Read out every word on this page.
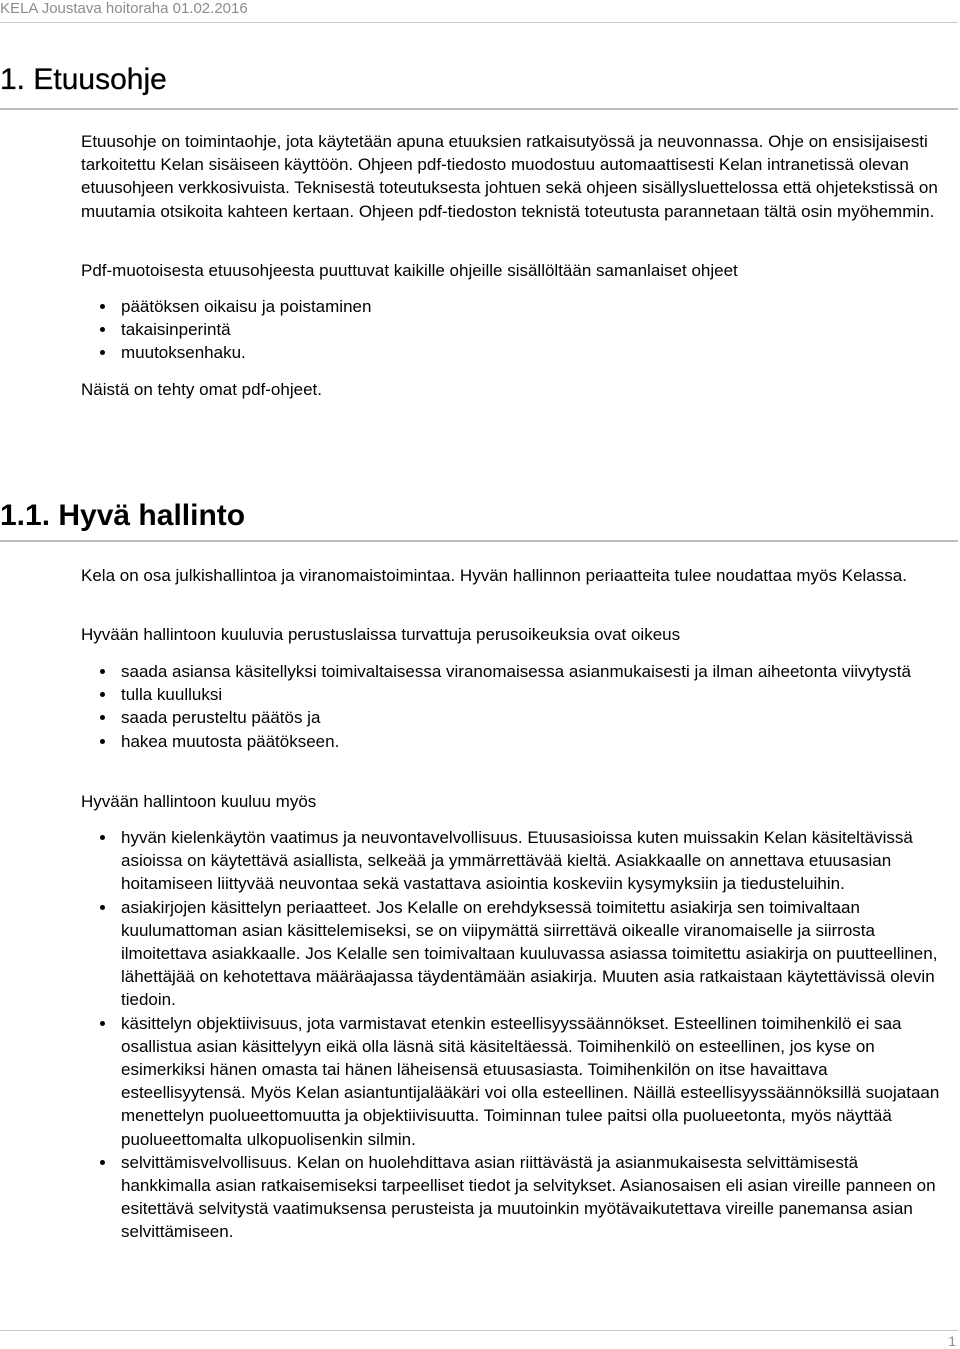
KELA Joustava hoitoraha 01.02.2016
1. Etuusohje

Etuusohje on toimintaohje, jota käytetään apuna etuuksien ratkaisutyössä ja neuvonnassa. Ohje on ensisijaisesti tarkoitettu Kelan sisäiseen käyttöön. Ohjeen pdf-tiedosto muodostuu automaattisesti Kelan intranetissä olevan etuusohjeen verkkosivuista. Teknisestä toteutuksesta johtuen sekä ohjeen sisällysluettelossa että ohjetekstissä on muutamia otsikoita kahteen kertaan. Ohjeen pdf-tiedoston teknistä toteutusta parannetaan tältä osin myöhemmin.

Pdf-muotoisesta etuusohjeesta puuttuvat kaikille ohjeille sisällöltään samanlaiset ohjeet

päätöksen oikaisu ja poistaminen
takaisinperintä
muutoksenhaku.

Näistä on tehty omat pdf-ohjeet.

1.1. Hyvä hallinto

Kela on osa julkishallintoa ja viranomaistoimintaa. Hyvän hallinnon periaatteita tulee noudattaa myös Kelassa.

Hyvään hallintoon kuuluvia perustuslaissa turvattuja perusoikeuksia ovat oikeus

saada asiansa käsitellyksi toimivaltaisessa viranomaisessa asianmukaisesti ja ilman aiheetonta viivytystä
tulla kuulluksi
saada perusteltu päätös ja
hakea muutosta päätökseen.

Hyvään hallintoon kuuluu myös

hyvän kielenkäytön vaatimus ja neuvontavelvollisuus. Etuusasioissa kuten muissakin Kelan käsiteltävissä asioissa on käytettävä asiallista, selkeää ja ymmärrettävää kieltä. Asiakkaalle on annettava etuusasian hoitamiseen liittyvää neuvontaa sekä vastattava asiointia koskeviin kysymyksiin ja tiedusteluihin.
asiakirjojen käsittelyn periaatteet. Jos Kelalle on erehdyksessä toimitettu asiakirja sen toimivaltaan kuulumattoman asian käsittelemiseksi, se on viipymättä siirrettävä oikealle viranomaiselle ja siirrosta ilmoitettava asiakkaalle. Jos Kelalle sen toimivaltaan kuuluvassa asiassa toimitettu asiakirja on puutteellinen, lähettäjää on kehotettava määräajassa täydentämään asiakirja. Muuten asia ratkaistaan käytettävissä olevin tiedoin.
käsittelyn objektiivisuus, jota varmistavat etenkin esteellisyyssäännökset. Esteellinen toimihenkilö ei saa osallistua asian käsittelyyn eikä olla läsnä sitä käsiteltäessä. Toimihenkilö on esteellinen, jos kyse on esimerkiksi hänen omasta tai hänen läheisensä etuusasiasta. Toimihenkilön on itse havaittava esteellisyytensä. Myös Kelan asiantuntijalääkäri voi olla esteellinen. Näillä esteellisyyssäännöksillä suojataan menettelyn puolueettomuutta ja objektiivisuutta. Toiminnan tulee paitsi olla puolueetonta, myös näyttää puolueettomalta ulkopuolisenkin silmin.
selvittämisvelvollisuus. Kelan on huolehdittava asian riittävästä ja asianmukaisesta selvittämisestä hankkimalla asian ratkaisemiseksi tarpeelliset tiedot ja selvitykset. Asianosaisen eli asian vireille panneen on esitettävä selvitystä vaatimuksensa perusteista ja muutoinkin myötävaikutettava vireille panemansa asian selvittämiseen.
1
